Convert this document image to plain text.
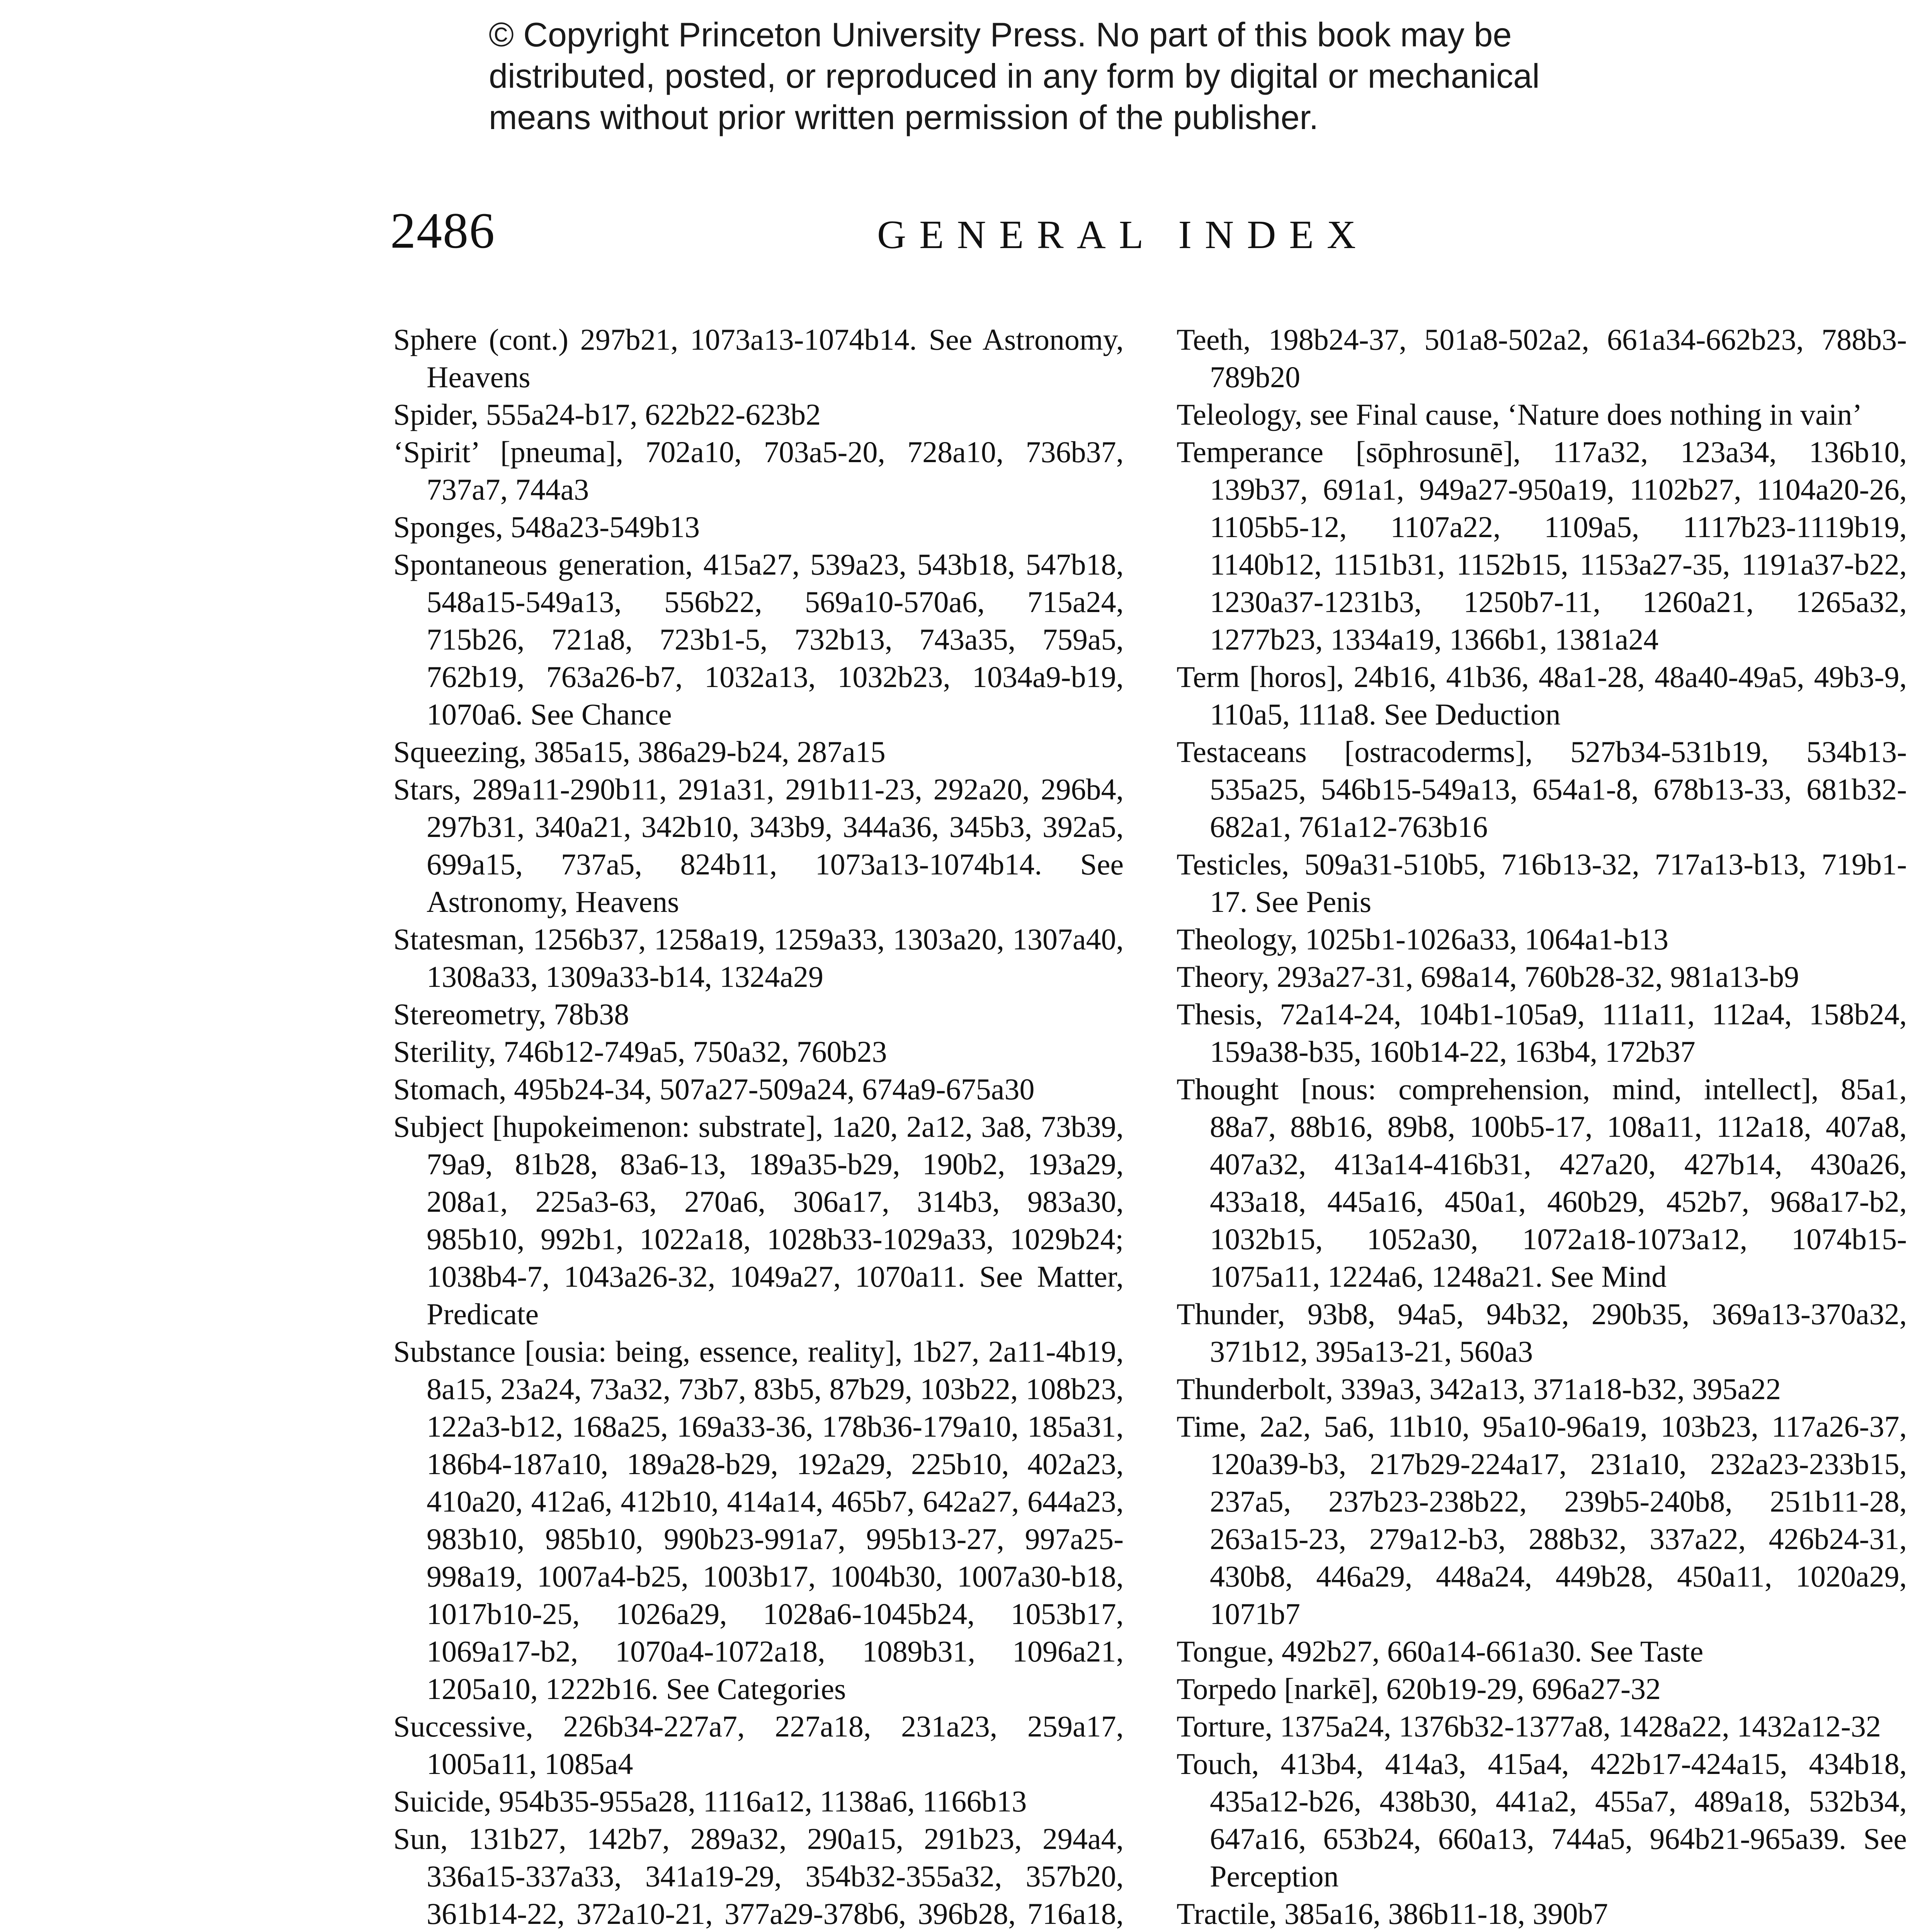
© Copyright Princeton University Press. No part of this book may be
distributed, posted, or reproduced in any form by digital or mechanical
means without prior written permission of the publisher.
2486	GENERAL INDEX
Sphere (cont.) 297b21, 1073a13-1074b14. See Astronomy, Heavens
Spider, 555a24-b17, 622b22-623b2
‘Spirit’ [pneuma], 702a10, 703a5-20, 728a10, 736b37, 737a7, 744a3
Sponges, 548a23-549b13
Spontaneous generation, 415a27, 539a23, 543b18, 547b18, 548a15-549a13, 556b22, 569a10-570a6, 715a24, 715b26, 721a8, 723b1-5, 732b13, 743a35, 759a5, 762b19, 763a26-b7, 1032a13, 1032b23, 1034a9-b19, 1070a6. See Chance
Squeezing, 385a15, 386a29-b24, 287a15
Stars, 289a11-290b11, 291a31, 291b11-23, 292a20, 296b4, 297b31, 340a21, 342b10, 343b9, 344a36, 345b3, 392a5, 699a15, 737a5, 824b11, 1073a13-1074b14. See Astronomy, Heavens
Statesman, 1256b37, 1258a19, 1259a33, 1303a20, 1307a40, 1308a33, 1309a33-b14, 1324a29
Stereometry, 78b38
Sterility, 746b12-749a5, 750a32, 760b23
Stomach, 495b24-34, 507a27-509a24, 674a9-675a30
Subject [hupokeimenon: substrate], 1a20, 2a12, 3a8, 73b39, 79a9, 81b28, 83a6-13, 189a35-b29, 190b2, 193a29, 208a1, 225a3-63, 270a6, 306a17, 314b3, 983a30, 985b10, 992b1, 1022a18, 1028b33-1029a33, 1029b24; 1038b4-7, 1043a26-32, 1049a27, 1070a11. See Matter, Predicate
Substance [ousia: being, essence, reality], 1b27, 2a11-4b19, 8a15, 23a24, 73a32, 73b7, 83b5, 87b29, 103b22, 108b23, 122a3-b12, 168a25, 169a33-36, 178b36-179a10, 185a31, 186b4-187a10, 189a28-b29, 192a29, 225b10, 402a23, 410a20, 412a6, 412b10, 414a14, 465b7, 642a27, 644a23, 983b10, 985b10, 990b23-991a7, 995b13-27, 997a25-998a19, 1007a4-b25, 1003b17, 1004b30, 1007a30-b18, 1017b10-25, 1026a29, 1028a6-1045b24, 1053b17, 1069a17-b2, 1070a4-1072a18, 1089b31, 1096a21, 1205a10, 1222b16. See Categories
Successive, 226b34-227a7, 227a18, 231a23, 259a17, 1005a11, 1085a4
Suicide, 954b35-955a28, 1116a12, 1138a6, 1166b13
Sun, 131b27, 142b7, 289a32, 290a15, 291b23, 294a4, 336a15-337a33, 341a19-29, 354b32-355a32, 357b20, 361b14-22, 372a10-21, 377a29-378b6, 396b28, 716a18,
Teeth, 198b24-37, 501a8-502a2, 661a34-662b23, 788b3-789b20
Teleology, see Final cause, ‘Nature does nothing in vain’
Temperance [sōphrosunē], 117a32, 123a34, 136b10, 139b37, 691a1, 949a27-950a19, 1102b27, 1104a20-26, 1105b5-12, 1107a22, 1109a5, 1117b23-1119b19, 1140b12, 1151b31, 1152b15, 1153a27-35, 1191a37-b22, 1230a37-1231b3, 1250b7-11, 1260a21, 1265a32, 1277b23, 1334a19, 1366b1, 1381a24
Term [horos], 24b16, 41b36, 48a1-28, 48a40-49a5, 49b3-9, 110a5, 111a8. See Deduction
Testaceans [ostracoderms], 527b34-531b19, 534b13-535a25, 546b15-549a13, 654a1-8, 678b13-33, 681b32-682a1, 761a12-763b16
Testicles, 509a31-510b5, 716b13-32, 717a13-b13, 719b1-17. See Penis
Theology, 1025b1-1026a33, 1064a1-b13
Theory, 293a27-31, 698a14, 760b28-32, 981a13-b9
Thesis, 72a14-24, 104b1-105a9, 111a11, 112a4, 158b24, 159a38-b35, 160b14-22, 163b4, 172b37
Thought [nous: comprehension, mind, intellect], 85a1, 88a7, 88b16, 89b8, 100b5-17, 108a11, 112a18, 407a8, 407a32, 413a14-416b31, 427a20, 427b14, 430a26, 433a18, 445a16, 450a1, 460b29, 452b7, 968a17-b2, 1032b15, 1052a30, 1072a18-1073a12, 1074b15-1075a11, 1224a6, 1248a21. See Mind
Thunder, 93b8, 94a5, 94b32, 290b35, 369a13-370a32, 371b12, 395a13-21, 560a3
Thunderbolt, 339a3, 342a13, 371a18-b32, 395a22
Time, 2a2, 5a6, 11b10, 95a10-96a19, 103b23, 117a26-37, 120a39-b3, 217b29-224a17, 231a10, 232a23-233b15, 237a5, 237b23-238b22, 239b5-240b8, 251b11-28, 263a15-23, 279a12-b3, 288b32, 337a22, 426b24-31, 430b8, 446a29, 448a24, 449b28, 450a11, 1020a29, 1071b7
Tongue, 492b27, 660a14-661a30. See Taste
Torpedo [narkē], 620b19-29, 696a27-32
Torture, 1375a24, 1376b32-1377a8, 1428a22, 1432a12-32
Touch, 413b4, 414a3, 415a4, 422b17-424a15, 434b18, 435a12-b26, 438b30, 441a2, 455a7, 489a18, 532b34, 647a16, 653b24, 660a13, 744a5, 964b21-965a39. See Perception
Tractile, 385a16, 386b11-18, 390b7
